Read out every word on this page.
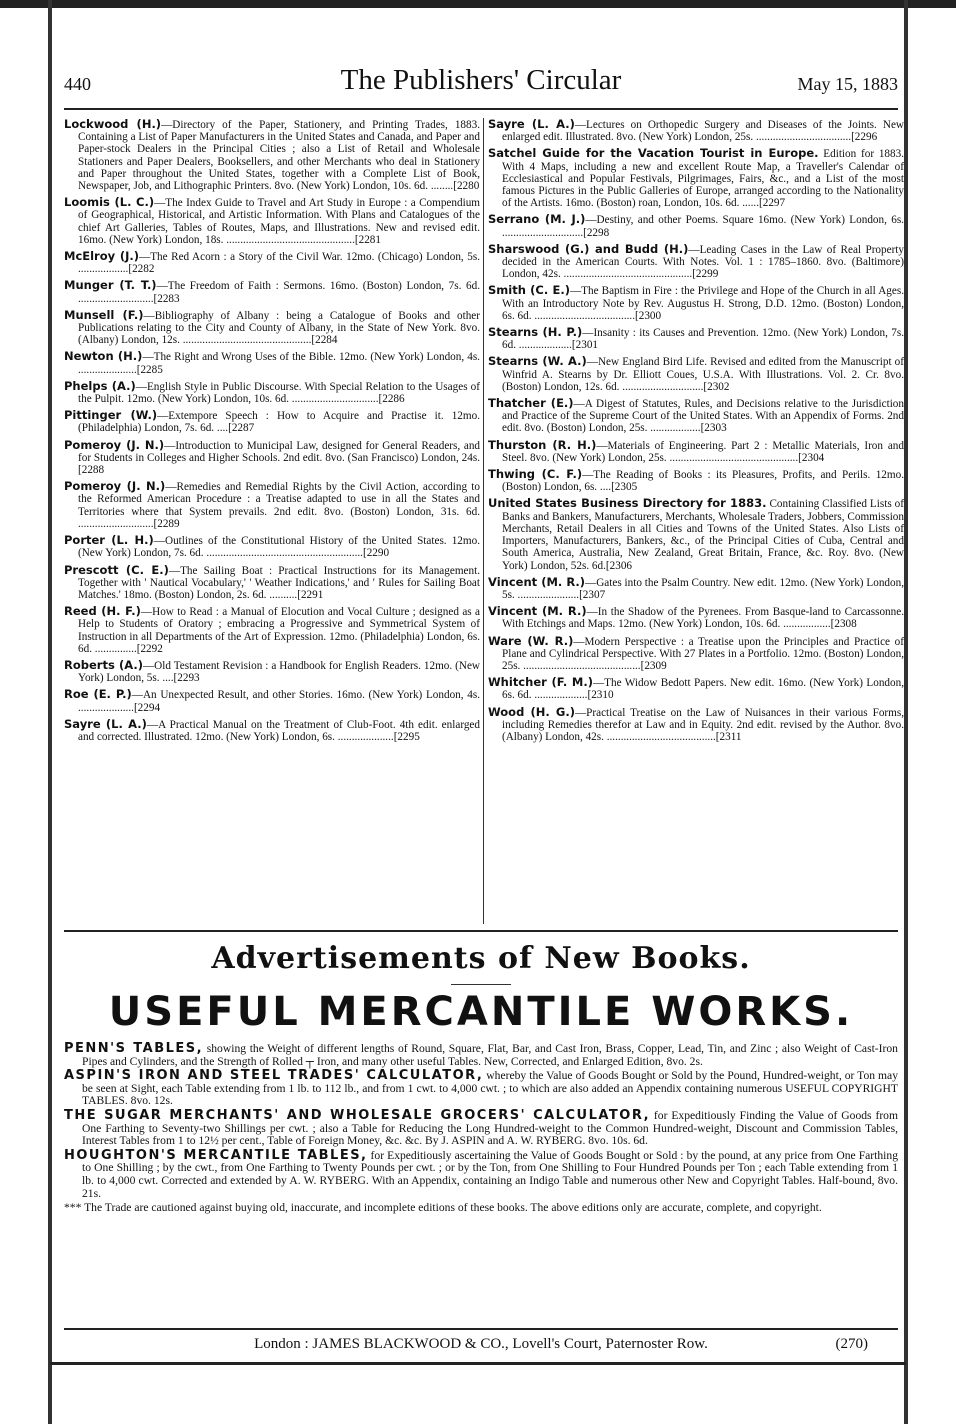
440	The Publishers' Circular	May 15, 1883
Lockwood (H.)—Directory of the Paper, Stationery, and Printing Trades, 1883. Containing a List of Paper Manufacturers in the United States and Canada, and Paper and Paper-stock Dealers in the Principal Cities ; also a List of Retail and Wholesale Stationers and Paper Dealers, Booksellers, and other Merchants who deal in Stationery and Paper throughout the United States, together with a Complete List of Book, Newspaper, Job, and Lithographic Printers. 8vo. (New York) London, 10s. 6d. ........[2280
Loomis (L. C.)—The Index Guide to Travel and Art Study in Europe : a Compendium of Geographical, Historical, and Artistic Information. With Plans and Catalogues of the chief Art Galleries, Tables of Routes, Maps, and Illustrations. New and revised edit. 16mo. (New York) London, 18s. ..............................................[2281
McElroy (J.)—The Red Acorn : a Story of the Civil War. 12mo. (Chicago) London, 5s. ..................[2282
Munger (T. T.)—The Freedom of Faith : Sermons. 16mo. (Boston) London, 7s. 6d. ...........................[2283
Munsell (F.)—Bibliography of Albany : being a Catalogue of Books and other Publications relating to the City and County of Albany, in the State of New York. 8vo. (Albany) London, 12s. ..............................................[2284
Newton (H.)—The Right and Wrong Uses of the Bible. 12mo. (New York) London, 4s. .....................[2285
Phelps (A.)—English Style in Public Discourse. With Special Relation to the Usages of the Pulpit. 12mo. (New York) London, 10s. 6d. ...............................[2286
Pittinger (W.)—Extempore Speech : How to Acquire and Practise it. 12mo. (Philadelphia) London, 7s. 6d. ....[2287
Pomeroy (J. N.)—Introduction to Municipal Law, designed for General Readers, and for Students in Colleges and Higher Schools. 2nd edit. 8vo. (San Francisco) London, 24s.[2288
Pomeroy (J. N.)—Remedies and Remedial Rights by the Civil Action, according to the Reformed American Procedure : a Treatise adapted to use in all the States and Territories where that System prevails. 2nd edit. 8vo. (Boston) London, 31s. 6d. ...........................[2289
Porter (L. H.)—Outlines of the Constitutional History of the United States. 12mo. (New York) London, 7s. 6d. ........................................................[2290
Prescott (C. E.)—The Sailing Boat : Practical Instructions for its Management. Together with ' Nautical Vocabulary,' ' Weather Indications,' and ' Rules for Sailing Boat Matches.' 18mo. (Boston) London, 2s. 6d. ..........[2291
Reed (H. F.)—How to Read : a Manual of Elocution and Vocal Culture ; designed as a Help to Students of Oratory ; embracing a Progressive and Symmetrical System of Instruction in all Departments of the Art of Expression. 12mo. (Philadelphia) London, 6s. 6d. ...............[2292
Roberts (A.)—Old Testament Revision : a Handbook for English Readers. 12mo. (New York) London, 5s. ....[2293
Roe (E. P.)—An Unexpected Result, and other Stories. 16mo. (New York) London, 4s. ....................[2294
Sayre (L. A.)—A Practical Manual on the Treatment of Club-Foot. 4th edit. enlarged and corrected. Illustrated. 12mo. (New York) London, 6s. ....................[2295
Sayre (L. A.)—Lectures on Orthopedic Surgery and Diseases of the Joints. New enlarged edit. Illustrated. 8vo. (New York) London, 25s. ..................................[2296
Satchel Guide for the Vacation Tourist in Europe. Edition for 1883. With 4 Maps, including a new and excellent Route Map, a Traveller's Calendar of Ecclesiastical and Popular Festivals, Pilgrimages, Fairs, &c., and a List of the most famous Pictures in the Public Galleries of Europe, arranged according to the Nationality of the Artists. 16mo. (Boston) roan, London, 10s. 6d. ......[2297
Serrano (M. J.)—Destiny, and other Poems. Square 16mo. (New York) London, 6s. .............................[2298
Sharswood (G.) and Budd (H.)—Leading Cases in the Law of Real Property decided in the American Courts. With Notes. Vol. 1 : 1785–1860. 8vo. (Baltimore) London, 42s. ..............................................[2299
Smith (C. E.)—The Baptism in Fire : the Privilege and Hope of the Church in all Ages. With an Introductory Note by Rev. Augustus H. Strong, D.D. 12mo. (Boston) London, 6s. 6d. ....................................[2300
Stearns (H. P.)—Insanity : its Causes and Prevention. 12mo. (New York) London, 7s. 6d. ...................[2301
Stearns (W. A.)—New England Bird Life. Revised and edited from the Manuscript of Winfrid A. Stearns by Dr. Elliott Coues, U.S.A. With Illustrations. Vol. 2. Cr. 8vo. (Boston) London, 12s. 6d. .............................[2302
Thatcher (E.)—A Digest of Statutes, Rules, and Decisions relative to the Jurisdiction and Practice of the Supreme Court of the United States. With an Appendix of Forms. 2nd edit. 8vo. (Boston) London, 25s. ..................[2303
Thurston (R. H.)—Materials of Engineering. Part 2 : Metallic Materials, Iron and Steel. 8vo. (New York) London, 25s. ..............................................[2304
Thwing (C. F.)—The Reading of Books : its Pleasures, Profits, and Perils. 12mo. (Boston) London, 6s. ....[2305
United States Business Directory for 1883. Containing Classified Lists of Banks and Bankers, Manufacturers, Merchants, Wholesale Traders, Jobbers, Commission Merchants, Retail Dealers in all Cities and Towns of the United States. Also Lists of Importers, Manufacturers, Bankers, &c., of the Principal Cities of Cuba, Central and South America, Australia, New Zealand, Great Britain, France, &c. Roy. 8vo. (New York) London, 52s. 6d.[2306
Vincent (M. R.)—Gates into the Psalm Country. New edit. 12mo. (New York) London, 5s. ......................[2307
Vincent (M. R.)—In the Shadow of the Pyrenees. From Basque-land to Carcassonne. With Etchings and Maps. 12mo. (New York) London, 10s. 6d. .................[2308
Ware (W. R.)—Modern Perspective : a Treatise upon the Principles and Practice of Plane and Cylindrical Perspective. With 27 Plates in a Portfolio. 12mo. (Boston) London, 25s. ..........................................[2309
Whitcher (F. M.)—The Widow Bedott Papers. New edit. 16mo. (New York) London, 6s. 6d. ...................[2310
Wood (H. G.)—Practical Treatise on the Law of Nuisances in their various Forms, including Remedies therefor at Law and in Equity. 2nd edit. revised by the Author. 8vo. (Albany) London, 42s. .......................................[2311
Advertisements of New Books.
USEFUL MERCANTILE WORKS.
PENN'S TABLES, showing the Weight of different lengths of Round, Square, Flat, Bar, and Cast Iron, Brass, Copper, Lead, Tin, and Zinc ; also Weight of Cast-Iron Pipes and Cylinders, and the Strength of Rolled ┬ Iron, and many other useful Tables. New, Corrected, and Enlarged Edition, 8vo. 2s.
ASPIN'S IRON AND STEEL TRADES' CALCULATOR, whereby the Value of Goods Bought or Sold by the Pound, Hundred-weight, or Ton may be seen at Sight, each Table extending from 1 lb. to 112 lb., and from 1 cwt. to 4,000 cwt. ; to which are also added an Appendix containing numerous USEFUL COPYRIGHT TABLES. 8vo. 12s.
THE SUGAR MERCHANTS' AND WHOLESALE GROCERS' CALCULATOR, for Expeditiously Finding the Value of Goods from One Farthing to Seventy-two Shillings per cwt. ; also a Table for Reducing the Long Hundred-weight to the Common Hundred-weight, Discount and Commission Tables, Interest Tables from 1 to 12½ per cent., Table of Foreign Money, &c. &c. By J. ASPIN and A. W. RYBERG. 8vo. 10s. 6d.
HOUGHTON'S MERCANTILE TABLES, for Expeditiously ascertaining the Value of Goods Bought or Sold : by the pound, at any price from One Farthing to One Shilling ; by the cwt., from One Farthing to Twenty Pounds per cwt. ; or by the Ton, from One Shilling to Four Hundred Pounds per Ton ; each Table extending from 1 lb. to 4,000 cwt. Corrected and extended by A. W. RYBERG. With an Appendix, containing an Indigo Table and numerous other New and Copyright Tables. Half-bound, 8vo. 21s.
*** The Trade are cautioned against buying old, inaccurate, and incomplete editions of these books. The above editions only are accurate, complete, and copyright.
London : JAMES BLACKWOOD & CO., Lovell's Court, Paternoster Row.	(270)
